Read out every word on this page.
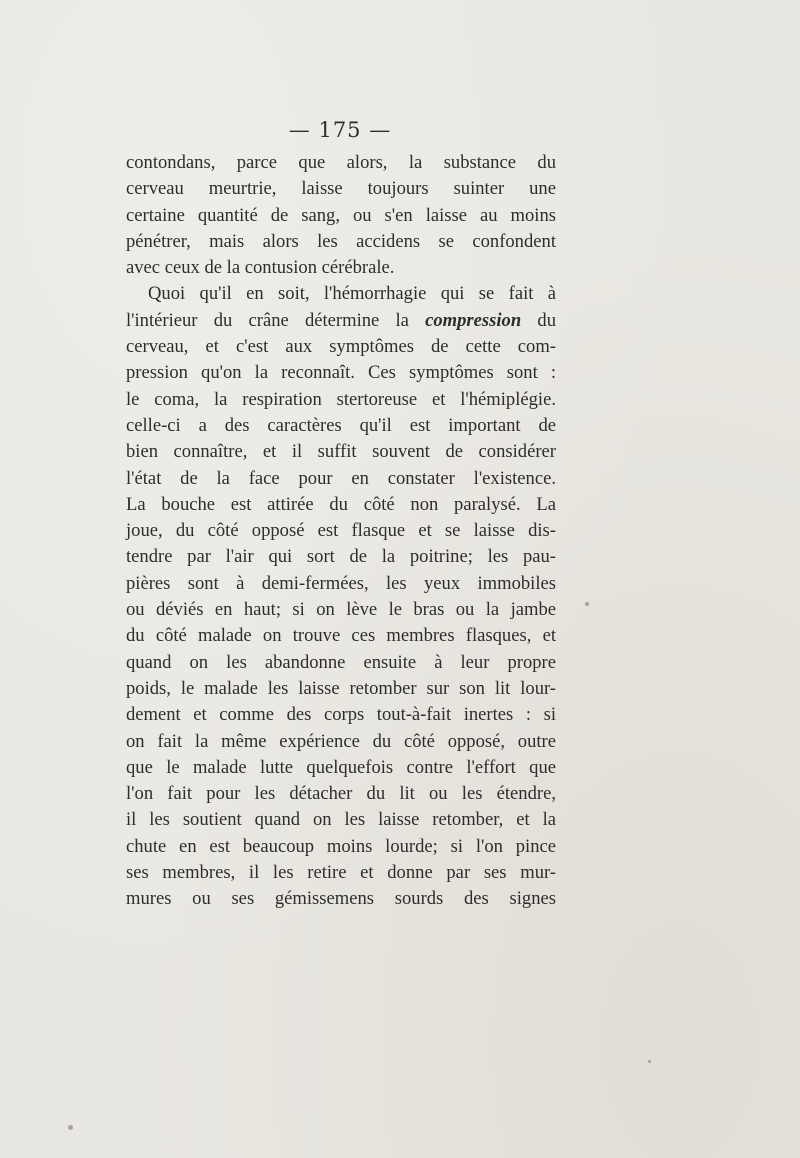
— 175 —
contondans, parce que alors, la substance du
cerveau meurtrie, laisse toujours suinter une
certaine quantité de sang, ou s'en laisse au moins
pénétrer, mais alors les accidens se confondent
avec ceux de la contusion cérébrale.
Quoi qu'il en soit, l'hémorrhagie qui se fait à
l'intérieur du crâne détermine la compression du
cerveau, et c'est aux symptômes de cette com-
pression qu'on la reconnaît. Ces symptômes sont :
le coma, la respiration stertoreuse et l'hémiplégie.
celle-ci a des caractères qu'il est important de
bien connaître, et il suffit souvent de considérer
l'état de la face pour en constater l'existence.
La bouche est attirée du côté non paralysé. La
joue, du côté opposé est flasque et se laisse dis-
tendre par l'air qui sort de la poitrine; les pau-
pières sont à demi-fermées, les yeux immobiles
ou déviés en haut; si on lève le bras ou la jambe
du côté malade on trouve ces membres flasques, et
quand on les abandonne ensuite à leur propre
poids, le malade les laisse retomber sur son lit lour-
dement et comme des corps tout-à-fait inertes : si
on fait la même expérience du côté opposé, outre
que le malade lutte quelquefois contre l'effort que
l'on fait pour les détacher du lit ou les étendre,
il les soutient quand on les laisse retomber, et la
chute en est beaucoup moins lourde; si l'on pince
ses membres, il les retire et donne par ses mur-
mures ou ses gémissemens sourds des signes
